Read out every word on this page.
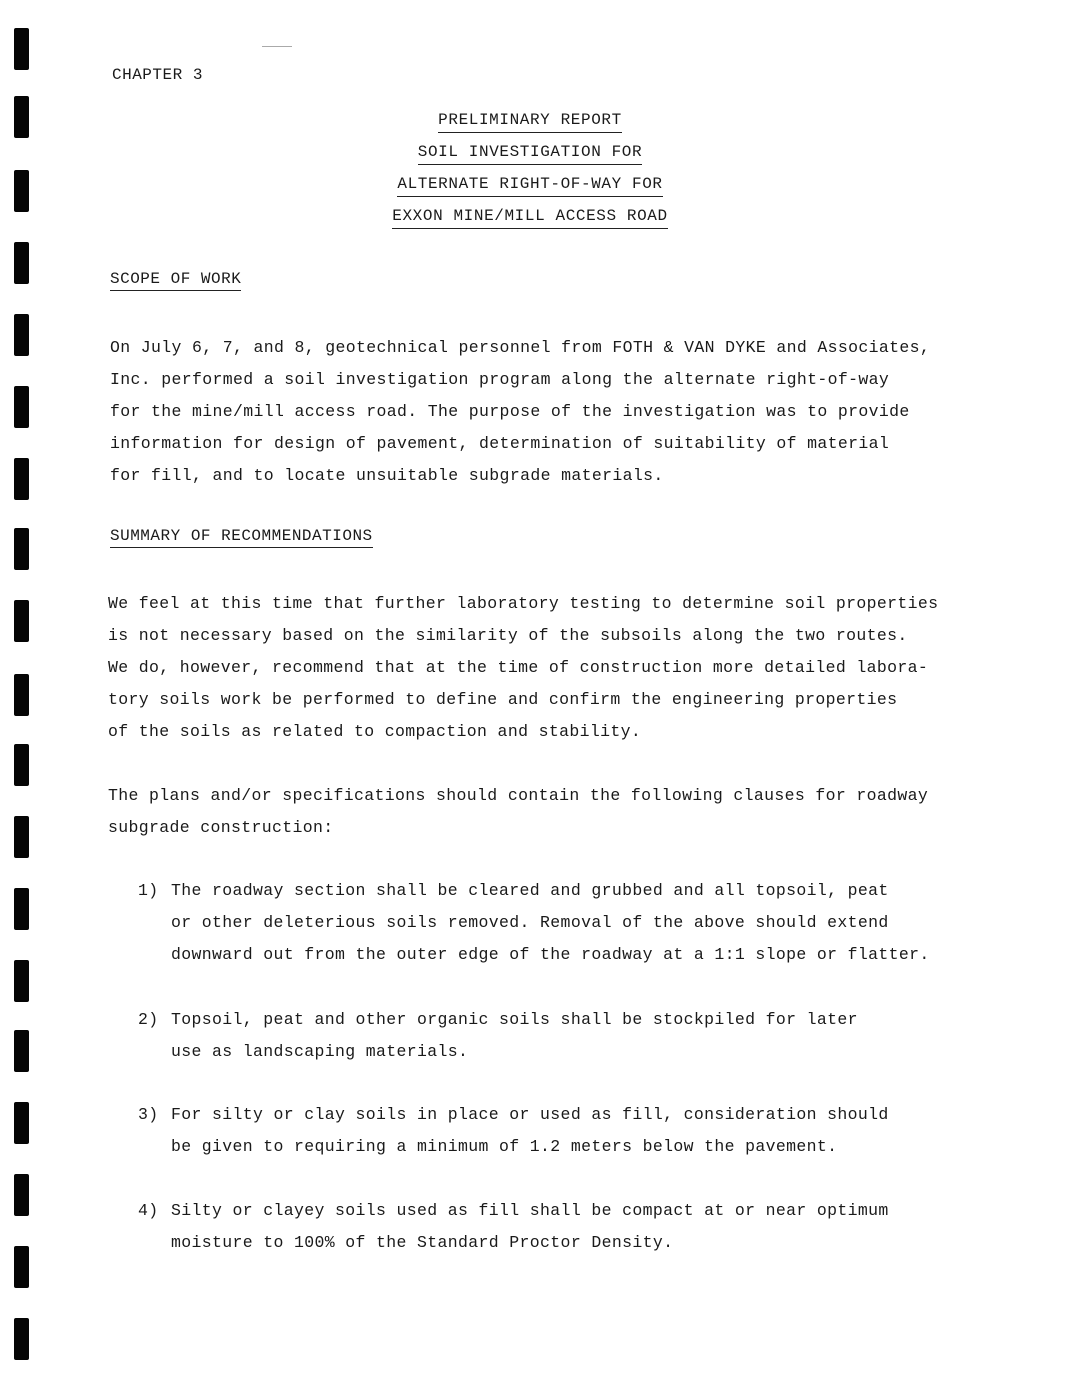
CHAPTER 3
PRELIMINARY REPORT
SOIL INVESTIGATION FOR
ALTERNATE RIGHT-OF-WAY FOR
EXXON MINE/MILL ACCESS ROAD
SCOPE OF WORK
On July 6, 7, and 8, geotechnical personnel from FOTH & VAN DYKE and Associates,
Inc. performed a soil investigation program along the alternate right-of-way
for the mine/mill access road. The purpose of the investigation was to provide
information for design of pavement, determination of suitability of material
for fill, and to locate unsuitable subgrade materials.
SUMMARY OF RECOMMENDATIONS
We feel at this time that further laboratory testing to determine soil properties
is not necessary based on the similarity of the subsoils along the two routes.
We do, however, recommend that at the time of construction more detailed labora-
tory soils work be performed to define and confirm the engineering properties
of the soils as related to compaction and stability.
The plans and/or specifications should contain the following clauses for roadway
subgrade construction:
1) The roadway section shall be cleared and grubbed and all topsoil, peat
or other deleterious soils removed. Removal of the above should extend
downward out from the outer edge of the roadway at a 1:1 slope or flatter.
2) Topsoil, peat and other organic soils shall be stockpiled for later
use as landscaping materials.
3) For silty or clay soils in place or used as fill, consideration should
be given to requiring a minimum of 1.2 meters below the pavement.
4) Silty or clayey soils used as fill shall be compact at or near optimum
moisture to 100% of the Standard Proctor Density.
